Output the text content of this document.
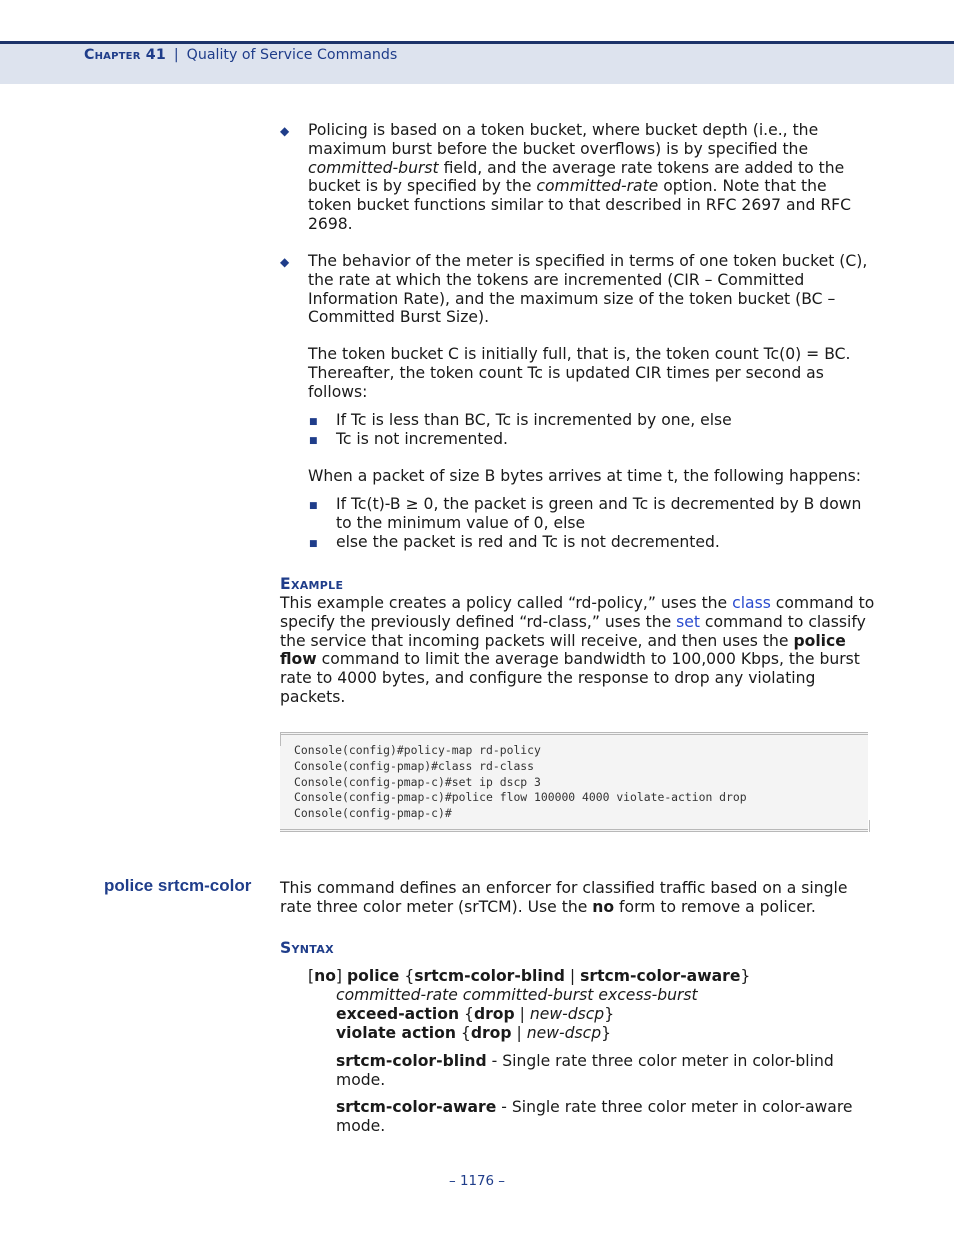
Chapter 41 | Quality of Service Commands
◆ Policing is based on a token bucket, where bucket depth (i.e., the
maximum burst before the bucket overflows) is by specified the
committed-burst field, and the average rate tokens are added to the
bucket is by specified by the committed-rate option. Note that the
token bucket functions similar to that described in RFC 2697 and RFC
2698.
◆ The behavior of the meter is specified in terms of one token bucket (C),
the rate at which the tokens are incremented (CIR – Committed
Information Rate), and the maximum size of the token bucket (BC –
Committed Burst Size).
The token bucket C is initially full, that is, the token count Tc(0) = BC.
Thereafter, the token count Tc is updated CIR times per second as
follows:
■ If Tc is less than BC, Tc is incremented by one, else
■ Tc is not incremented.
When a packet of size B bytes arrives at time t, the following happens:
■ If Tc(t)-B ≥ 0, the packet is green and Tc is decremented by B down
to the minimum value of 0, else
■ else the packet is red and Tc is not decremented.
Example
This example creates a policy called “rd-policy,” uses the class command to
specify the previously defined “rd-class,” uses the set command to classify
the service that incoming packets will receive, and then uses the police
flow command to limit the average bandwidth to 100,000 Kbps, the burst
rate to 4000 bytes, and configure the response to drop any violating
packets.
Console(config)#policy-map rd-policy
Console(config-pmap)#class rd-class
Console(config-pmap-c)#set ip dscp 3
Console(config-pmap-c)#police flow 100000 4000 violate-action drop
Console(config-pmap-c)#
police srtcm-color This command defines an enforcer for classified traffic based on a single
rate three color meter (srTCM). Use the no form to remove a policer.
Syntax
[no] police {srtcm-color-blind | srtcm-color-aware}
committed-rate committed-burst excess-burst
exceed-action {drop | new-dscp}
violate action {drop | new-dscp}
srtcm-color-blind - Single rate three color meter in color-blind
mode.
srtcm-color-aware - Single rate three color meter in color-aware
mode.
– 1176 –
